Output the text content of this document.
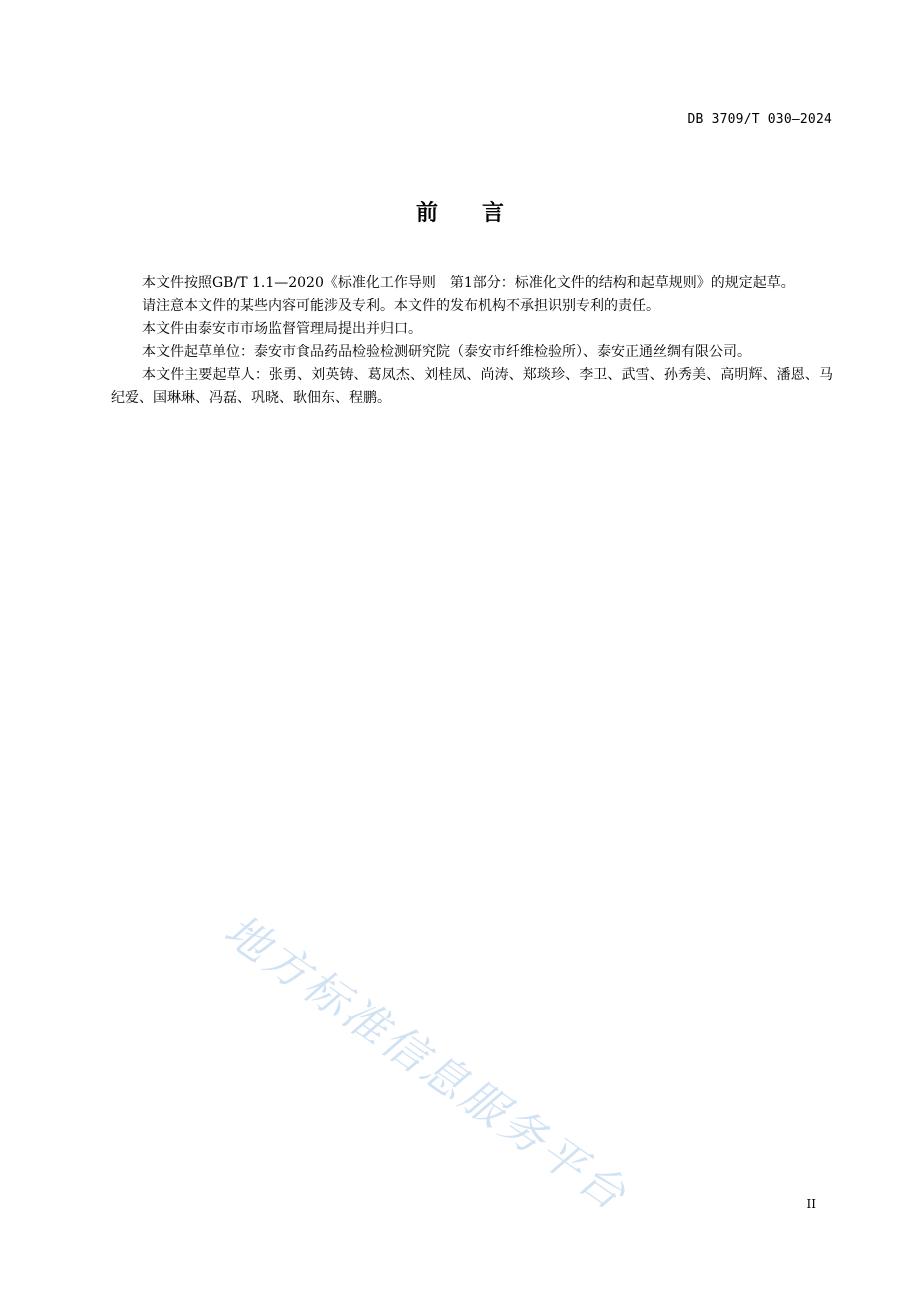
DB 3709/T 030—2024
前言

本文件按照GB/T 1.1—2020《标准化工作导则　第1部分：标准化文件的结构和起草规则》的规定起草。

请注意本文件的某些内容可能涉及专利。本文件的发布机构不承担识别专利的责任。

本文件由泰安市市场监督管理局提出并归口。

本文件起草单位：泰安市食品药品检验检测研究院（泰安市纤维检验所）、泰安正通丝绸有限公司。

本文件主要起草人：张勇、刘英铸、葛凤杰、刘桂凤、尚涛、郑琰珍、李卫、武雪、孙秀美、高明辉、潘恩、马纪爱、国琳琳、冯磊、巩晓、耿佃东、程鹏。

地方标准信息服务平台	II
